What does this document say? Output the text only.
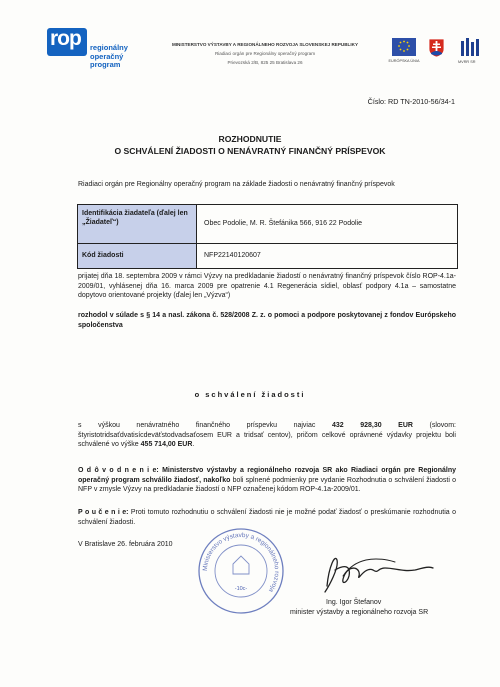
rop regionálny
operačný
program
MINISTERSTVO VÝSTAVBY A REGIONÁLNEHO ROZVOJA SLOVENSKEJ REPUBLIKY
Riadiaci orgán pre Regionálny operačný program
Prievozská 2/B, 825 25 Bratislava 26	EURÓPSKA ÚNIA	MVRR SR
Číslo: RD TN-2010-56/34-1
ROZHODNUTIE
O SCHVÁLENÍ ŽIADOSTI O NENÁVRATNÝ FINANČNÝ PRÍSPEVOK
Riadiaci orgán pre Regionálny operačný program na základe žiadosti o nenávratný finančný príspevok
Identifikácia žiadateľa (ďalej len „Žiadateľ“)	Obec Podolie, M. R. Štefánika 566, 916 22 Podolie
Kód žiadosti	NFP22140120607
prijatej dňa 18. septembra 2009 v rámci Výzvy na predkladanie žiadostí o nenávratný finančný príspevok číslo ROP-4.1a-2009/01, vyhlásenej dňa 16. marca 2009 pre opatrenie 4.1 Regenerácia sídiel, oblasť podpory 4.1a – samostatne dopytovo orientované projekty (ďalej len „Výzva“)
rozhodol v súlade s § 14 a nasl. zákona č. 528/2008 Z. z. o pomoci a podpore poskytovanej z fondov Európskeho spoločenstva
o schválení žiadosti
s výškou nenávratného finančného príspevku najviac 432 928,30 EUR (slovom: štyristotridsaťdvatisícdeväťstodvadsaťosem EUR a tridsať centov), pričom celkové oprávnené výdavky projektu boli schválené vo výške 455 714,00 EUR.
O d ô v o d n e n i e: Ministerstvo výstavby a regionálneho rozvoja SR ako Riadiaci orgán pre Regionálny operačný program schválilo žiadosť, nakoľko boli splnené podmienky pre vydanie Rozhodnutia o schválení žiadosti o NFP v zmysle Výzvy na predkladanie žiadostí o NFP označenej kódom ROP-4.1a-2009/01.
P o u č e n i e: Proti tomuto rozhodnutiu o schválení žiadosti nie je možné podať žiadosť o preskúmanie rozhodnutia o schválení žiadosti.
V Bratislave 26. februára 2010
Ministerstvo výstavby a regionálneho rozvoja
-10c-
Ing. Igor Štefanov
minister výstavby a regionálneho rozvoja SR
